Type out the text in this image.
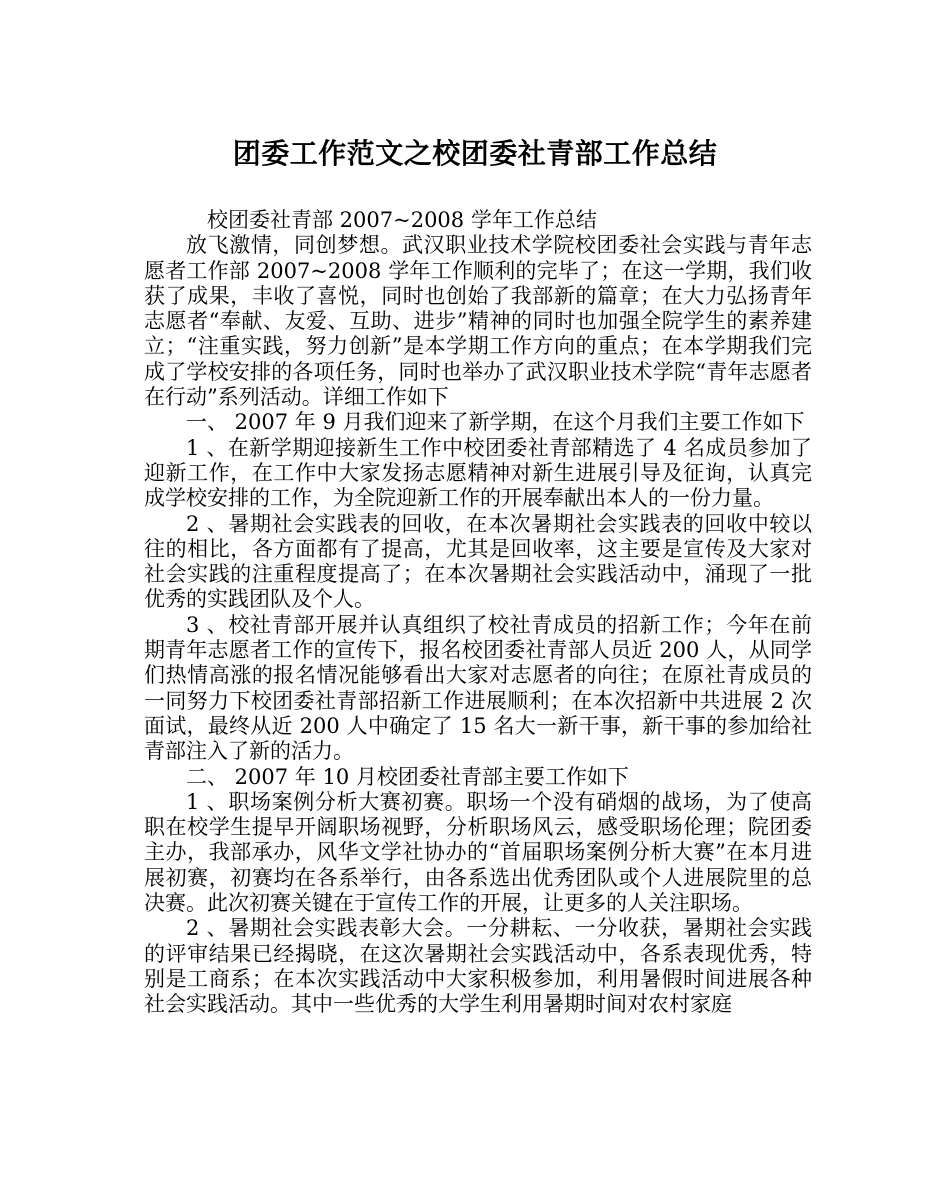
团委工作范文之校团委社青部工作总结

校团委社青部 2007~2008 学年工作总结

放飞激情，同创梦想。武汉职业技术学院校团委社会实践与青年志愿者工作部 2007~2008 学年工作顺利的完毕了；在这一学期，我们收获了成果，丰收了喜悦，同时也创始了我部新的篇章；在大力弘扬青年志愿者“奉献、友爱、互助、进步”精神的同时也加强全院学生的素养建立；“注重实践，努力创新”是本学期工作方向的重点；在本学期我们完成了学校安排的各项任务，同时也举办了武汉职业技术学院“青年志愿者在行动”系列活动。详细工作如下

一、 2007 年 9 月我们迎来了新学期，在这个月我们主要工作如下

1 、在新学期迎接新生工作中校团委社青部精选了 4 名成员参加了迎新工作，在工作中大家发扬志愿精神对新生进展引导及征询，认真完成学校安排的工作，为全院迎新工作的开展奉献出本人的一份力量。

2 、暑期社会实践表的回收，在本次暑期社会实践表的回收中较以往的相比，各方面都有了提高，尤其是回收率，这主要是宣传及大家对社会实践的注重程度提高了；在本次暑期社会实践活动中，涌现了一批优秀的实践团队及个人。

3 、校社青部开展并认真组织了校社青成员的招新工作；今年在前期青年志愿者工作的宣传下，报名校团委社青部人员近 200 人，从同学们热情高涨的报名情况能够看出大家对志愿者的向往；在原社青成员的一同努力下校团委社青部招新工作进展顺利；在本次招新中共进展 2 次面试，最终从近 200 人中确定了 15 名大一新干事，新干事的参加给社青部注入了新的活力。

二、 2007 年 10 月校团委社青部主要工作如下

1 、职场案例分析大赛初赛。职场一个没有硝烟的战场，为了使高职在校学生提早开阔职场视野，分析职场风云，感受职场伦理；院团委主办，我部承办，风华文学社协办的“首届职场案例分析大赛”在本月进展初赛，初赛均在各系举行，由各系选出优秀团队或个人进展院里的总决赛。此次初赛关键在于宣传工作的开展，让更多的人关注职场。

2 、暑期社会实践表彰大会。一分耕耘、一分收获，暑期社会实践的评审结果已经揭晓，在这次暑期社会实践活动中，各系表现优秀，特别是工商系；在本次实践活动中大家积极参加，利用暑假时间进展各种社会实践活动。其中一些优秀的大学生利用暑期时间对农村家庭
